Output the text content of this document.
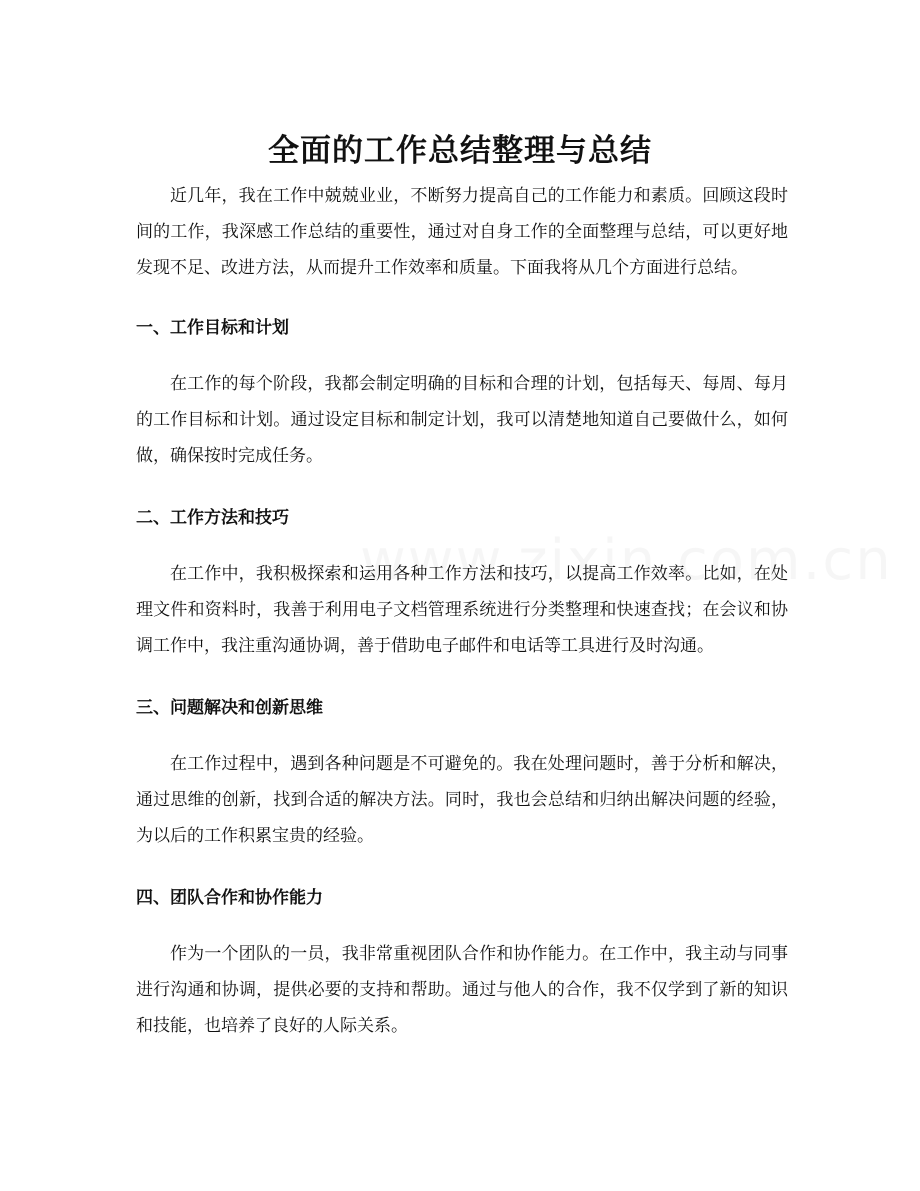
全面的工作总结整理与总结

近几年，我在工作中兢兢业业，不断努力提高自己的工作能力和素质。回顾这段时间的工作，我深感工作总结的重要性，通过对自身工作的全面整理与总结，可以更好地发现不足、改进方法，从而提升工作效率和质量。下面我将从几个方面进行总结。

一、工作目标和计划

在工作的每个阶段，我都会制定明确的目标和合理的计划，包括每天、每周、每月的工作目标和计划。通过设定目标和制定计划，我可以清楚地知道自己要做什么，如何做，确保按时完成任务。

二、工作方法和技巧

在工作中，我积极探索和运用各种工作方法和技巧，以提高工作效率。比如，在处理文件和资料时，我善于利用电子文档管理系统进行分类整理和快速查找；在会议和协调工作中，我注重沟通协调，善于借助电子邮件和电话等工具进行及时沟通。

三、问题解决和创新思维

在工作过程中，遇到各种问题是不可避免的。我在处理问题时，善于分析和解决，通过思维的创新，找到合适的解决方法。同时，我也会总结和归纳出解决问题的经验，为以后的工作积累宝贵的经验。

四、团队合作和协作能力

作为一个团队的一员，我非常重视团队合作和协作能力。在工作中，我主动与同事进行沟通和协调，提供必要的支持和帮助。通过与他人的合作，我不仅学到了新的知识和技能，也培养了良好的人际关系。
